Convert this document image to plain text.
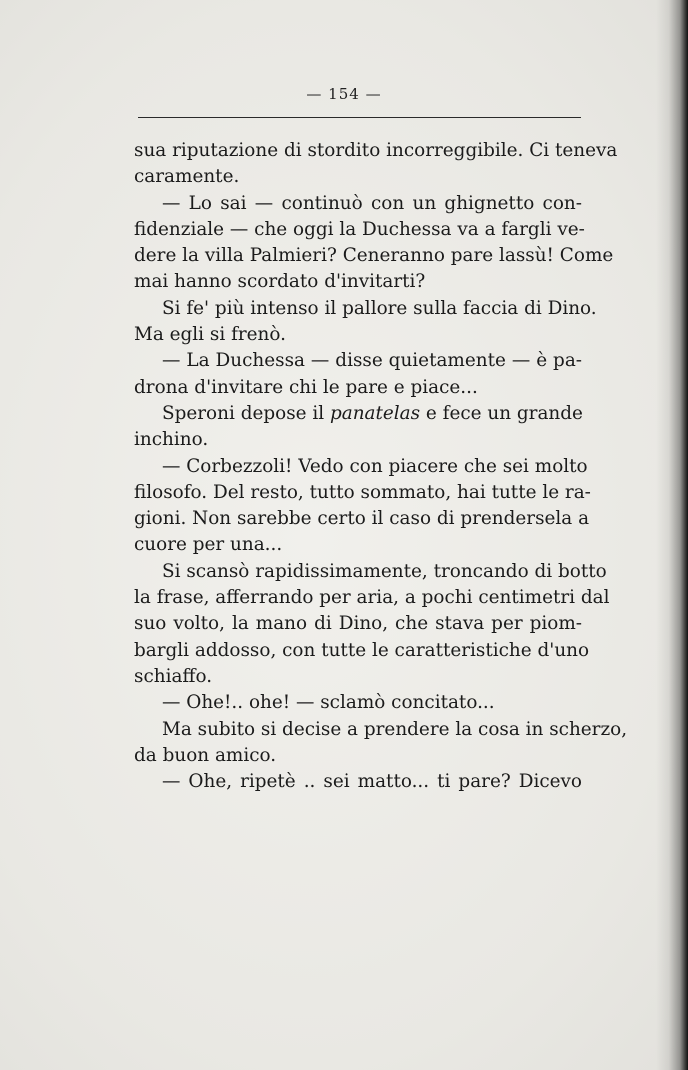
— 154 —
sua riputazione di stordito incorreggibile. Ci teneva
caramente.
— Lo sai — continuò con un ghignetto con-
fidenziale — che oggi la Duchessa va a fargli ve-
dere la villa Palmieri? Ceneranno pare lassù! Come
mai hanno scordato d'invitarti?
Si fe' più intenso il pallore sulla faccia di Dino.
Ma egli si frenò.
— La Duchessa — disse quietamente — è pa-
drona d'invitare chi le pare e piace...
Speroni depose il panatelas e fece un grande
inchino.
— Corbezzoli! Vedo con piacere che sei molto
filosofo. Del resto, tutto sommato, hai tutte le ra-
gioni. Non sarebbe certo il caso di prendersela a
cuore per una...
Si scansò rapidissimamente, troncando di botto
la frase, afferrando per aria, a pochi centimetri dal
suo volto, la mano di Dino, che stava per piom-
bargli addosso, con tutte le caratteristiche d'uno
schiaffo.
— Ohe!.. ohe! — sclamò concitato...
Ma subito si decise a prendere la cosa in scherzo,
da buon amico.
— Ohe, ripetè .. sei matto... ti pare? Dicevo
